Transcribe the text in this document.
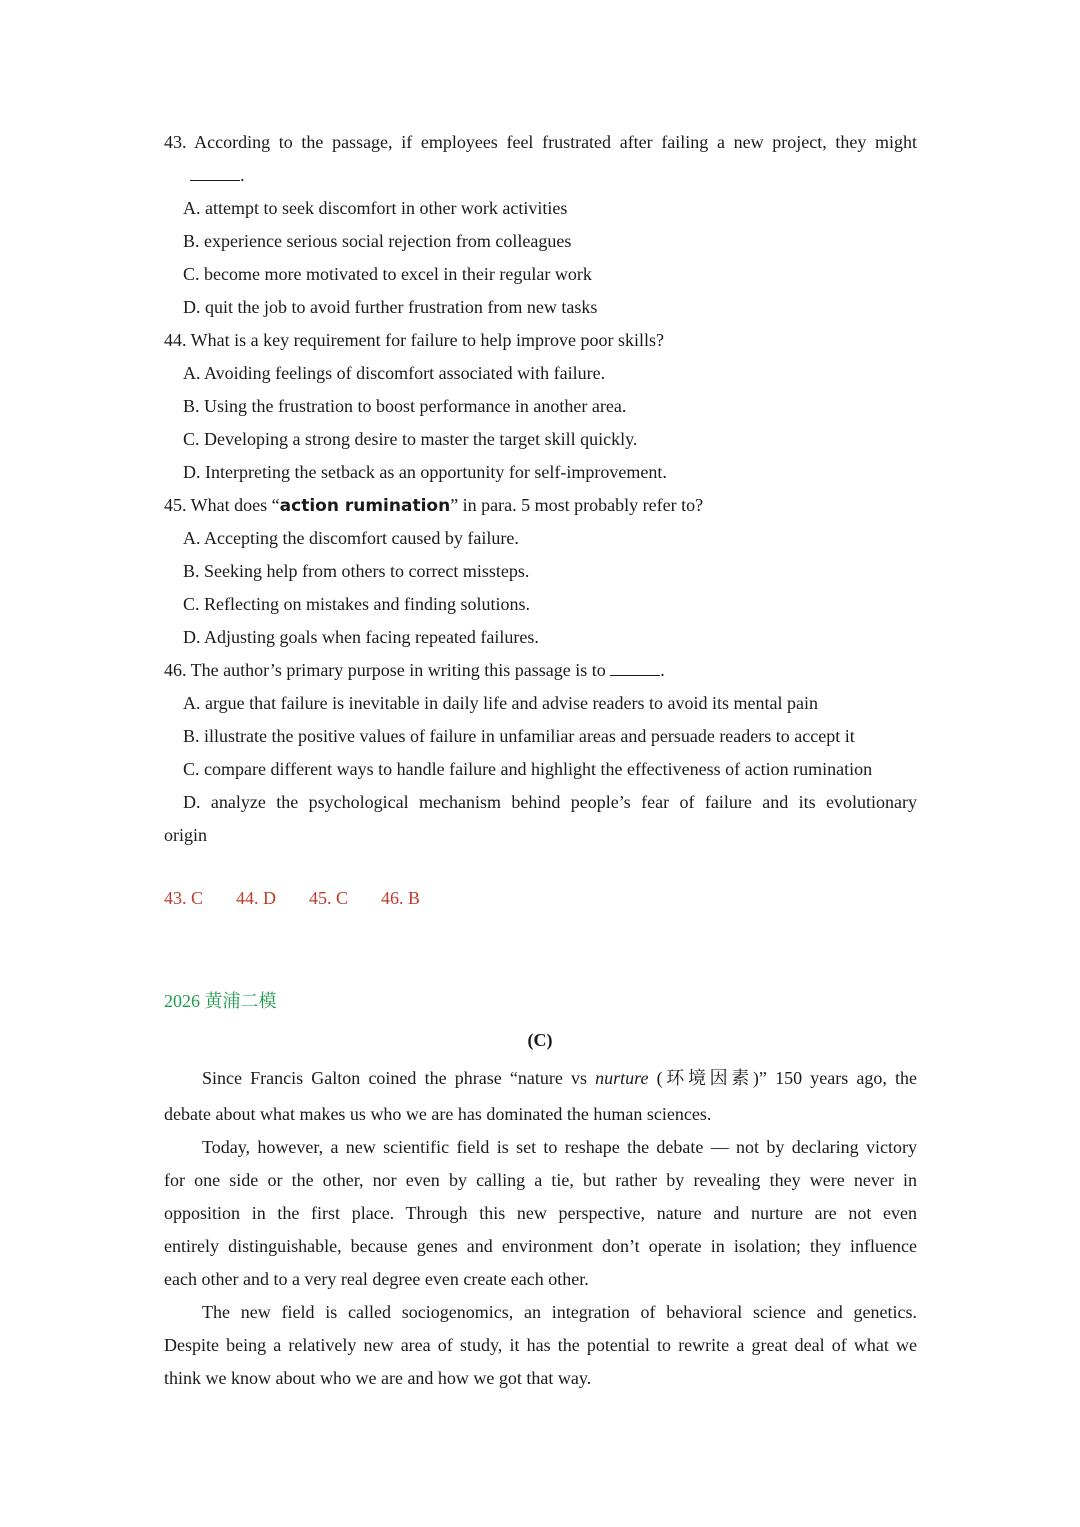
43. According to the passage, if employees feel frustrated after failing a new project, they might
.
A. attempt to seek discomfort in other work activities
B. experience serious social rejection from colleagues
C. become more motivated to excel in their regular work
D. quit the job to avoid further frustration from new tasks
44. What is a key requirement for failure to help improve poor skills?
A. Avoiding feelings of discomfort associated with failure.
B. Using the frustration to boost performance in another area.
C. Developing a strong desire to master the target skill quickly.
D. Interpreting the setback as an opportunity for self-improvement.
45. What does “action rumination” in para. 5 most probably refer to?
A. Accepting the discomfort caused by failure.
B. Seeking help from others to correct missteps.
C. Reflecting on mistakes and finding solutions.
D. Adjusting goals when facing repeated failures.
46. The author’s primary purpose in writing this passage is to	.
A. argue that failure is inevitable in daily life and advise readers to avoid its mental pain
B. illustrate the positive values of failure in unfamiliar areas and persuade readers to accept it
C. compare different ways to handle failure and highlight the effectiveness of action rumination
D. analyze the psychological mechanism behind people’s fear of failure and its evolutionary
origin
43. C 44. D 45. C 46. B
2026 黄浦二模
(C)
Since Francis Galton coined the phrase “nature vs nurture (环境因素)” 150 years ago, the
debate about what makes us who we are has dominated the human sciences.
Today, however, a new scientific field is set to reshape the debate — not by declaring victory
for one side or the other, nor even by calling a tie, but rather by revealing they were never in
opposition in the first place. Through this new perspective, nature and nurture are not even
entirely distinguishable, because genes and environment don’t operate in isolation; they influence
each other and to a very real degree even create each other.
The new field is called sociogenomics, an integration of behavioral science and genetics.
Despite being a relatively new area of study, it has the potential to rewrite a great deal of what we
think we know about who we are and how we got that way.
